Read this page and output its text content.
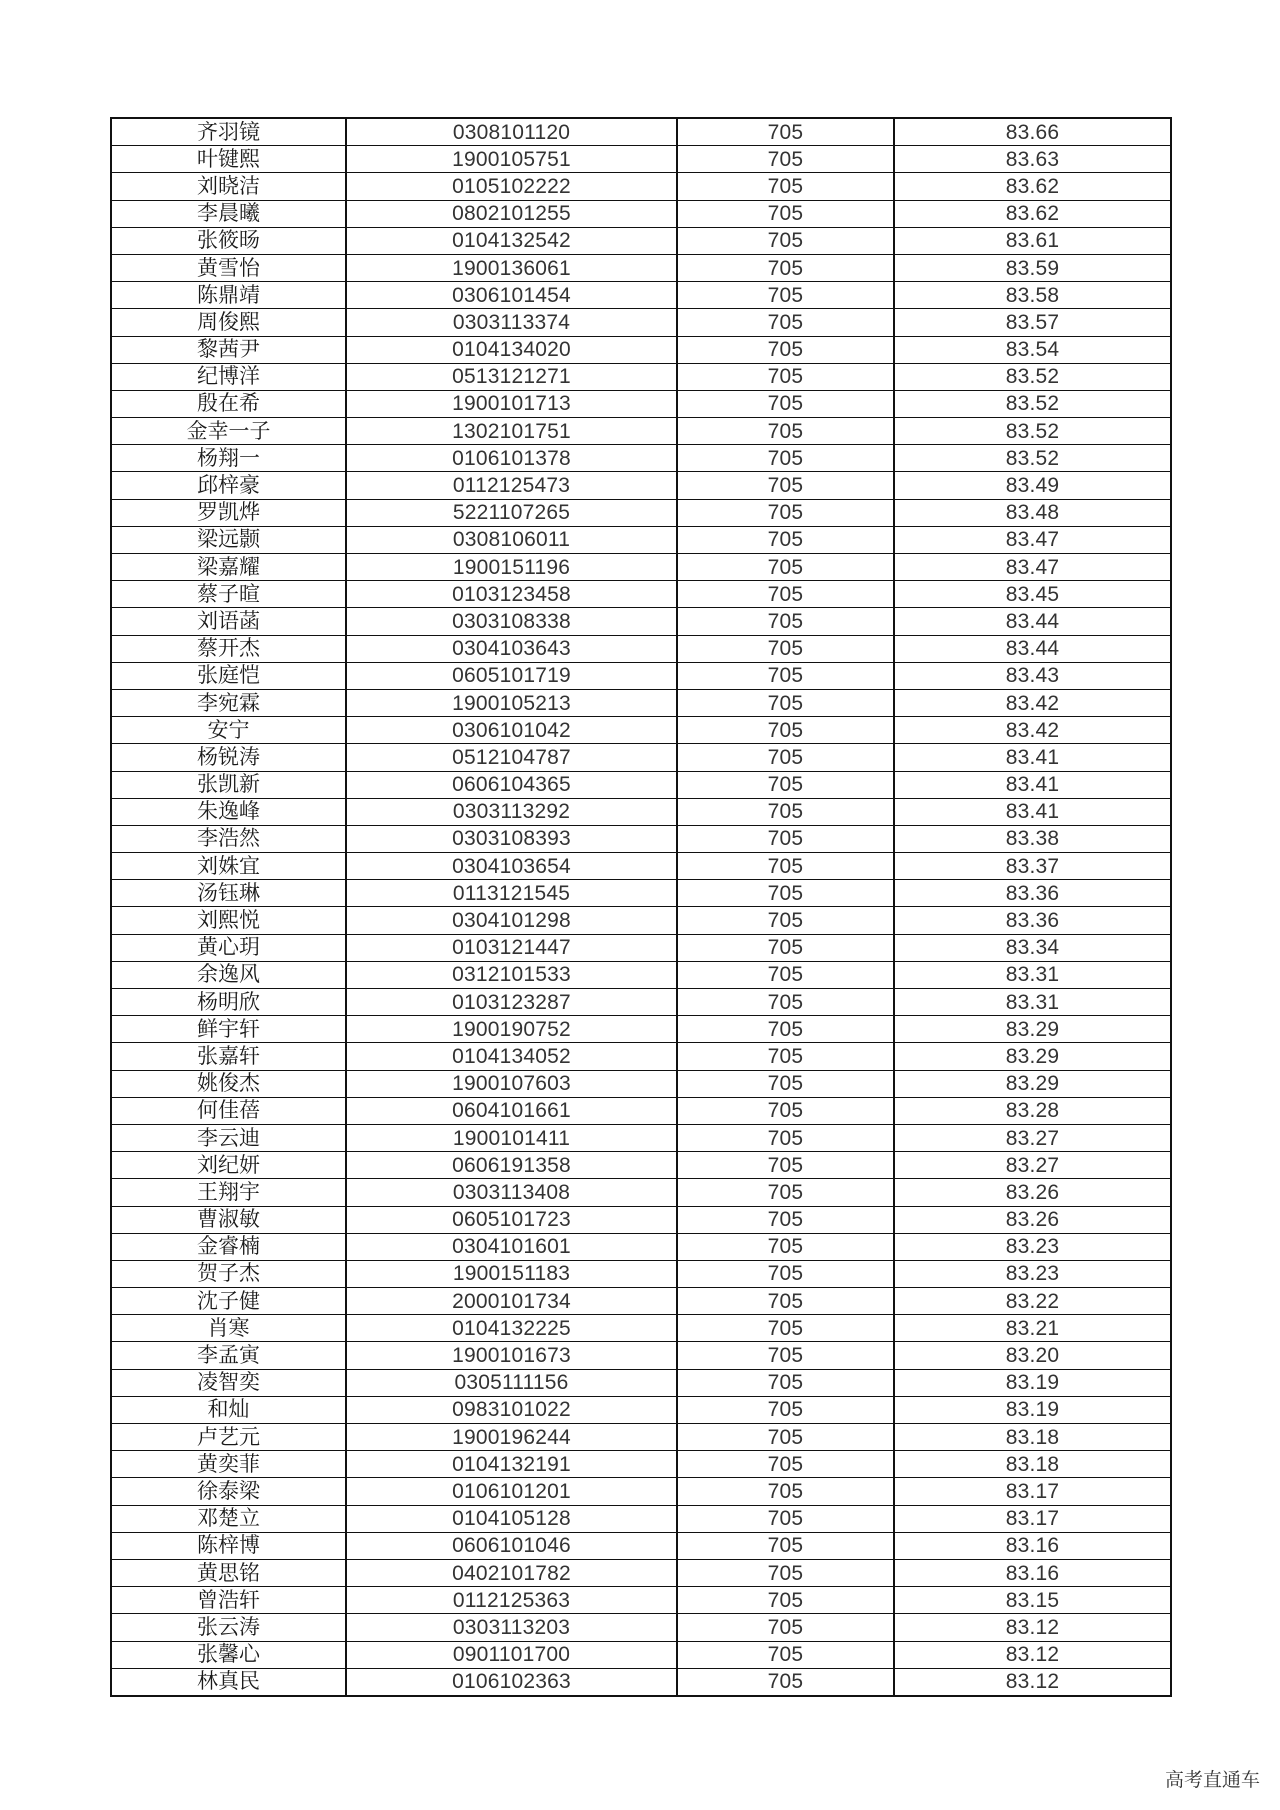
齐羽镜	0308101120	705	83.66
叶键熙	1900105751	705	83.63
刘晓洁	0105102222	705	83.62
李晨曦	0802101255	705	83.62
张筱旸	0104132542	705	83.61
黄雪怡	1900136061	705	83.59
陈鼎靖	0306101454	705	83.58
周俊熙	0303113374	705	83.57
黎茜尹	0104134020	705	83.54
纪博洋	0513121271	705	83.52
殷在希	1900101713	705	83.52
金幸一子	1302101751	705	83.52
杨翔一	0106101378	705	83.52
邱梓豪	0112125473	705	83.49
罗凯烨	5221107265	705	83.48
梁远颢	0308106011	705	83.47
梁嘉耀	1900151196	705	83.47
蔡子暄	0103123458	705	83.45
刘语菡	0303108338	705	83.44
蔡开杰	0304103643	705	83.44
张庭恺	0605101719	705	83.43
李宛霖	1900105213	705	83.42
安宁	0306101042	705	83.42
杨锐涛	0512104787	705	83.41
张凯新	0606104365	705	83.41
朱逸峰	0303113292	705	83.41
李浩然	0303108393	705	83.38
刘姝宜	0304103654	705	83.37
汤钰琳	0113121545	705	83.36
刘熙悦	0304101298	705	83.36
黄心玥	0103121447	705	83.34
余逸风	0312101533	705	83.31
杨明欣	0103123287	705	83.31
鲜宇轩	1900190752	705	83.29
张嘉轩	0104134052	705	83.29
姚俊杰	1900107603	705	83.29
何佳蓓	0604101661	705	83.28
李云迪	1900101411	705	83.27
刘纪妍	0606191358	705	83.27
王翔宇	0303113408	705	83.26
曹淑敏	0605101723	705	83.26
金睿楠	0304101601	705	83.23
贺子杰	1900151183	705	83.23
沈子健	2000101734	705	83.22
肖寒	0104132225	705	83.21
李孟寅	1900101673	705	83.20
凌智奕	0305111156	705	83.19
和灿	0983101022	705	83.19
卢艺元	1900196244	705	83.18
黄奕菲	0104132191	705	83.18
徐泰梁	0106101201	705	83.17
邓楚立	0104105128	705	83.17
陈梓博	0606101046	705	83.16
黄思铭	0402101782	705	83.16
曾浩轩	0112125363	705	83.15
张云涛	0303113203	705	83.12
张馨心	0901101700	705	83.12
林真民	0106102363	705	83.12
高考直通车
